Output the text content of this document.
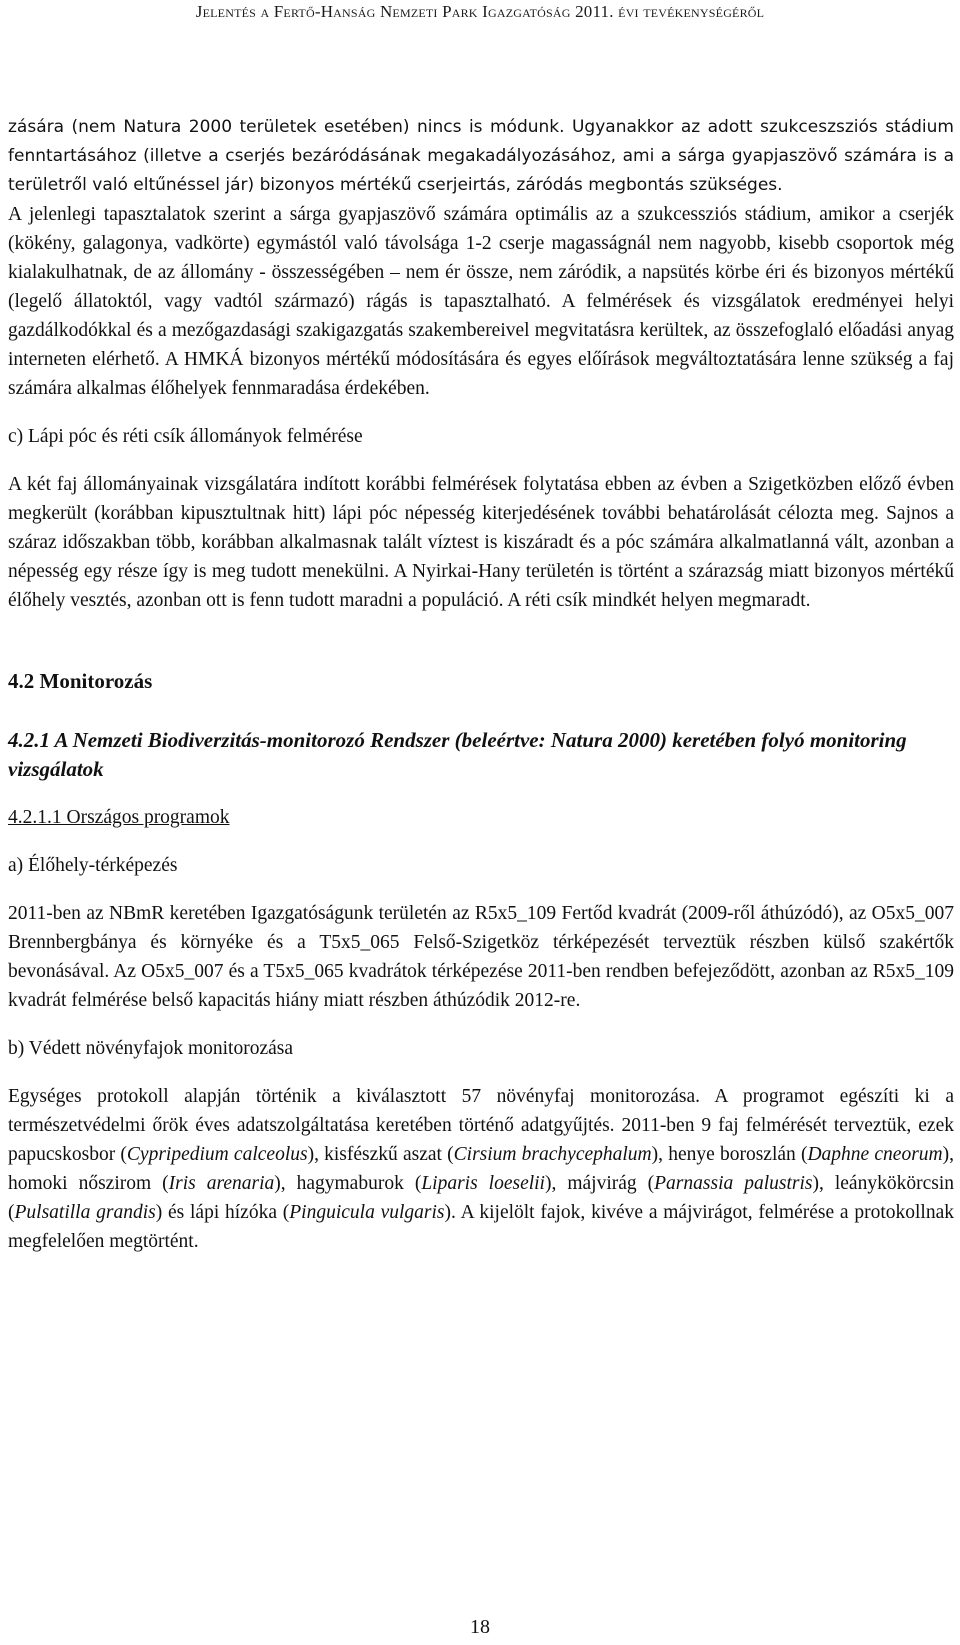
Jelentés a Fertő-Hanság Nemzeti Park Igazgatóság 2011. évi tevékenységéről

zására (nem Natura 2000 területek esetében) nincs is módunk. Ugyanakkor az adott szukceszsziós stádium fenntartásához (illetve a cserjés bezáródásának megakadályozásához, ami a sárga gyapjaszövő számára is a területről való eltűnéssel jár) bizonyos mértékű cserjeirtás, záródás megbontás szükséges.

A jelenlegi tapasztalatok szerint a sárga gyapjaszövő számára optimális az a szukcessziós stádium, amikor a cserjék (kökény, galagonya, vadkörte) egymástól való távolsága 1-2 cserje magasságnál nem nagyobb, kisebb csoportok még kialakulhatnak, de az állomány - összességében – nem ér össze, nem záródik, a napsütés körbe éri és bizonyos mértékű (legelő állatoktól, vagy vadtól származó) rágás is tapasztalható. A felmérések és vizsgálatok eredményei helyi gazdálkodókkal és a mezőgazdasági szakigazgatás szakembereivel megvitatásra kerültek, az összefoglaló előadási anyag interneten elérhető. A HMKÁ bizonyos mértékű módosítására és egyes előírások megváltoztatására lenne szükség a faj számára alkalmas élőhelyek fennmaradása érdekében.

c) Lápi póc és réti csík állományok felmérése

A két faj állományainak vizsgálatára indított korábbi felmérések folytatása ebben az évben a Szigetközben előző évben megkerült (korábban kipusztultnak hitt) lápi póc népesség kiterjedésének további behatárolását célozta meg. Sajnos a száraz időszakban több, korábban alkalmasnak talált víztest is kiszáradt és a póc számára alkalmatlanná vált, azonban a népesség egy része így is meg tudott menekülni. A Nyirkai-Hany területén is történt a szárazság miatt bizonyos mértékű élőhely vesztés, azonban ott is fenn tudott maradni a populáció. A réti csík mindkét helyen megmaradt.

4.2 Monitorozás

4.2.1 A Nemzeti Biodiverzitás-monitorozó Rendszer (beleértve: Natura 2000) keretében folyó monitoring vizsgálatok

4.2.1.1 Országos programok

a) Élőhely-térképezés

2011-ben az NBmR keretében Igazgatóságunk területén az R5x5_109 Fertőd kvadrát (2009-ről áthúzódó), az O5x5_007 Brennbergbánya és környéke és a T5x5_065 Felső-Szigetköz térképezését terveztük részben külső szakértők bevonásával. Az O5x5_007 és a T5x5_065 kvadrátok térképezése 2011-ben rendben befejeződött, azonban az R5x5_109 kvadrát felmérése belső kapacitás hiány miatt részben áthúzódik 2012-re.

b) Védett növényfajok monitorozása

Egységes protokoll alapján történik a kiválasztott 57 növényfaj monitorozása. A programot egészíti ki a természetvédelmi őrök éves adatszolgáltatása keretében történő adatgyűjtés. 2011-ben 9 faj felmérését terveztük, ezek papucskosbor (Cypripedium calceolus), kisfészkű aszat (Cirsium brachycephalum), henye boroszlán (Daphne cneorum), homoki nőszirom (Iris arenaria), hagymaburok (Liparis loeselii), májvirág (Parnassia palustris), leánykökörcsin (Pulsatilla grandis) és lápi hízóka (Pinguicula vulgaris). A kijelölt fajok, kivéve a májvirágot, felmérése a protokollnak megfelelően megtörtént.

18
